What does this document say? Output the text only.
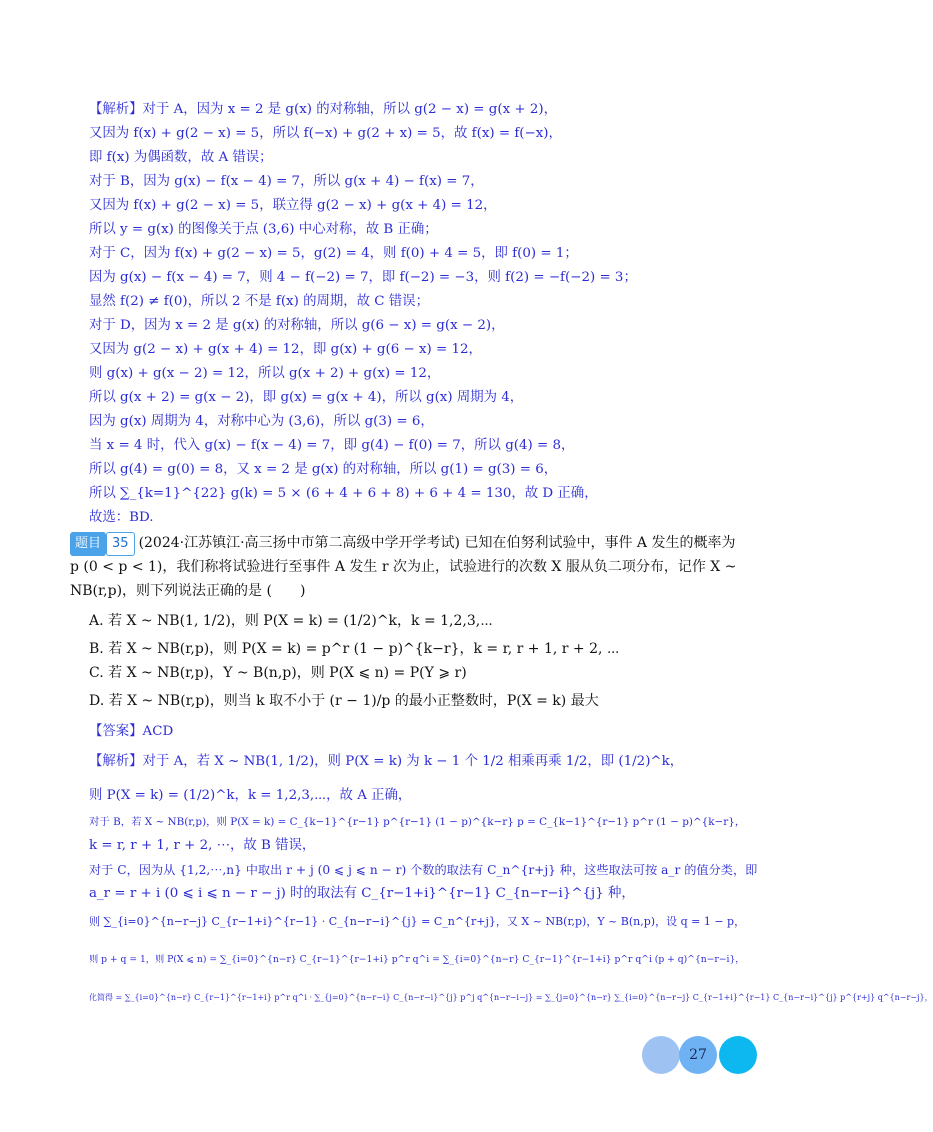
【解析】对于 A，因为 x = 2 是 g(x) 的对称轴，所以 g(2 − x) = g(x + 2)，
又因为 f(x) + g(2 − x) = 5，所以 f(−x) + g(2 + x) = 5，故 f(x) = f(−x)，
即 f(x) 为偶函数，故 A 错误；
对于 B，因为 g(x) − f(x − 4) = 7，所以 g(x + 4) − f(x) = 7，
又因为 f(x) + g(2 − x) = 5，联立得 g(2 − x) + g(x + 4) = 12，
所以 y = g(x) 的图像关于点 (3,6) 中心对称，故 B 正确；
对于 C，因为 f(x) + g(2 − x) = 5，g(2) = 4，则 f(0) + 4 = 5，即 f(0) = 1；
因为 g(x) − f(x − 4) = 7，则 4 − f(−2) = 7，即 f(−2) = −3，则 f(2) = −f(−2) = 3；
显然 f(2) ≠ f(0)，所以 2 不是 f(x) 的周期，故 C 错误；
对于 D，因为 x = 2 是 g(x) 的对称轴，所以 g(6 − x) = g(x − 2)，
又因为 g(2 − x) + g(x + 4) = 12，即 g(x) + g(6 − x) = 12，
则 g(x) + g(x − 2) = 12，所以 g(x + 2) + g(x) = 12，
所以 g(x + 2) = g(x − 2)，即 g(x) = g(x + 4)，所以 g(x) 周期为 4，
因为 g(x) 周期为 4，对称中心为 (3,6)，所以 g(3) = 6，
当 x = 4 时，代入 g(x) − f(x − 4) = 7，即 g(4) − f(0) = 7，所以 g(4) = 8，
所以 g(4) = g(0) = 8，又 x = 2 是 g(x) 的对称轴，所以 g(1) = g(3) = 6，
所以 ∑_{k=1}^{22} g(k) = 5 × (6 + 4 + 6 + 8) + 6 + 4 = 130，故 D 正确，
故选：BD.
题目 35 (2024·江苏镇江·高三扬中市第二高级中学开学考试) 已知在伯努利试验中，事件 A 发生的概率为
p (0 < p < 1)，我们称将试验进行至事件 A 发生 r 次为止，试验进行的次数 X 服从负二项分布，记作 X ~
NB(r,p)，则下列说法正确的是 (　　)
A. 若 X ~ NB(1, 1/2)，则 P(X = k) = (1/2)^k，k = 1,2,3,⋯
B. 若 X ~ NB(r,p)，则 P(X = k) = p^r (1 − p)^{k−r}，k = r, r + 1, r + 2, ⋯
C. 若 X ~ NB(r,p)，Y ~ B(n,p)，则 P(X ⩽ n) = P(Y ⩾ r)
D. 若 X ~ NB(r,p)，则当 k 取不小于 (r − 1)/p 的最小正整数时，P(X = k) 最大
【答案】ACD
【解析】对于 A，若 X ~ NB(1, 1/2)，则 P(X = k) 为 k − 1 个 1/2 相乘再乘 1/2，即 (1/2)^k，
则 P(X = k) = (1/2)^k，k = 1,2,3,⋯，故 A 正确，
对于 B，若 X ~ NB(r,p)，则 P(X = k) = C_{k−1}^{r−1} p^{r−1} (1 − p)^{k−r} p = C_{k−1}^{r−1} p^r (1 − p)^{k−r}，
k = r, r + 1, r + 2, ⋯，故 B 错误，
对于 C，因为从 {1,2,⋯,n} 中取出 r + j (0 ⩽ j ⩽ n − r) 个数的取法有 C_n^{r+j} 种，这些取法可按 a_r 的值分类，即
a_r = r + i (0 ⩽ i ⩽ n − r − j) 时的取法有 C_{r−1+i}^{r−1} C_{n−r−i}^{j} 种，
则 ∑_{i=0}^{n−r−j} C_{r−1+i}^{r−1} · C_{n−r−i}^{j} = C_n^{r+j}，又 X ~ NB(r,p)，Y ~ B(n,p)，设 q = 1 − p，
则 p + q = 1，则 P(X ⩽ n) = ∑_{i=0}^{n−r} C_{r−1}^{r−1+i} p^r q^i = ∑_{i=0}^{n−r} C_{r−1}^{r−1+i} p^r q^i (p + q)^{n−r−i}，
化简得 = ∑_{i=0}^{n−r} C_{r−1}^{r−1+i} p^r q^i · ∑_{j=0}^{n−r−i} C_{n−r−i}^{j} p^j q^{n−r−i−j} = ∑_{j=0}^{n−r} ∑_{i=0}^{n−r−j} C_{r−1+i}^{r−1} C_{n−r−i}^{j} p^{r+j} q^{n−r−j}，
27
